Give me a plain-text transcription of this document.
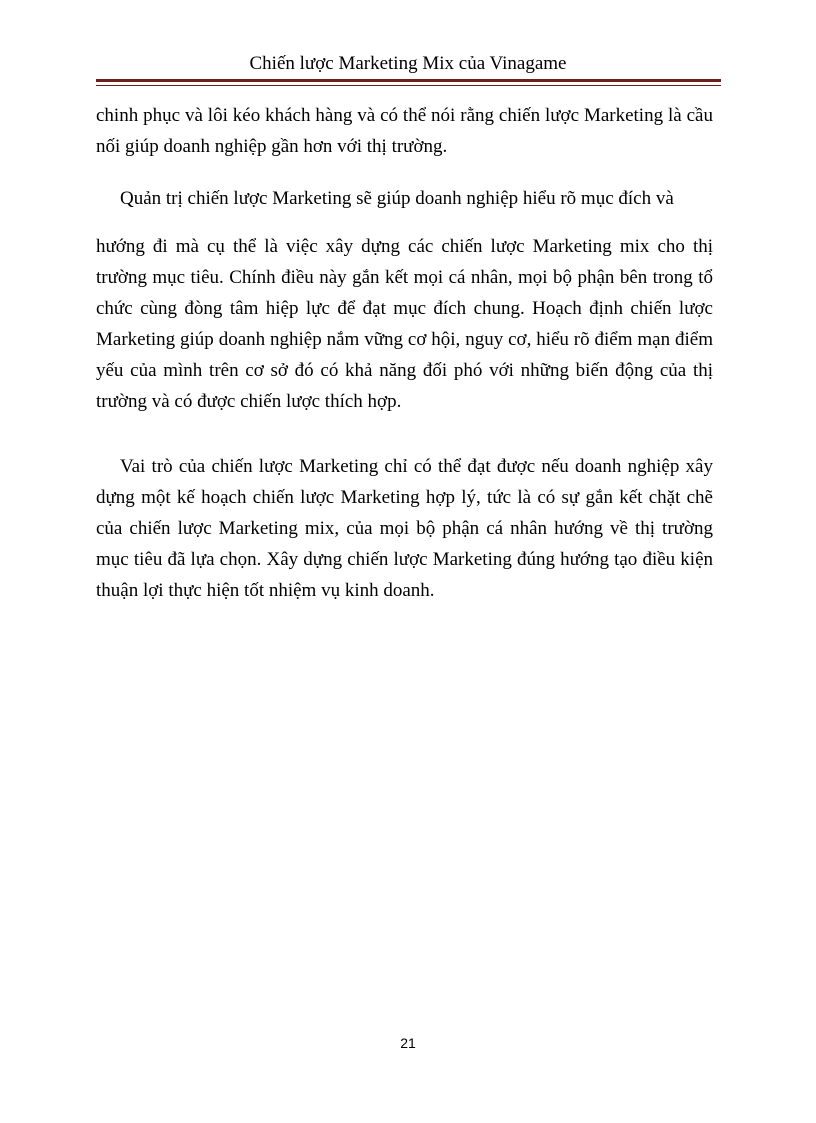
Chiến lược Marketing Mix của Vinagame

chinh phục và lôi kéo khách hàng và có thể nói rằng chiến lược Marketing là cầu nối giúp doanh nghiệp gần hơn với thị trường.

Quản trị chiến lược Marketing sẽ giúp doanh nghiệp hiểu rõ mục đích và

hướng đi mà cụ thể là việc xây dựng các chiến lược Marketing mix cho thị trường mục tiêu. Chính điều này gắn kết mọi cá nhân, mọi bộ phận bên trong tổ chức cùng đòng tâm hiệp lực để đạt mục đích chung. Hoạch định chiến lược Marketing giúp doanh nghiệp nắm vững cơ hội, nguy cơ, hiểu rõ điểm mạn điểm yếu của mình trên cơ sở đó có khả năng đối phó với những biến động của thị trường và có được chiến lược thích hợp.

Vai trò của chiến lược Marketing chỉ có thể đạt được nếu doanh nghiệp xây dựng một kế hoạch chiến lược Marketing hợp lý, tức là có sự gắn kết chặt chẽ của chiến lược Marketing mix, của mọi bộ phận cá nhân hướng về thị trường mục tiêu đã lựa chọn. Xây dựng chiến lược Marketing đúng hướng tạo điều kiện thuận lợi thực hiện tốt nhiệm vụ kinh doanh.

21
